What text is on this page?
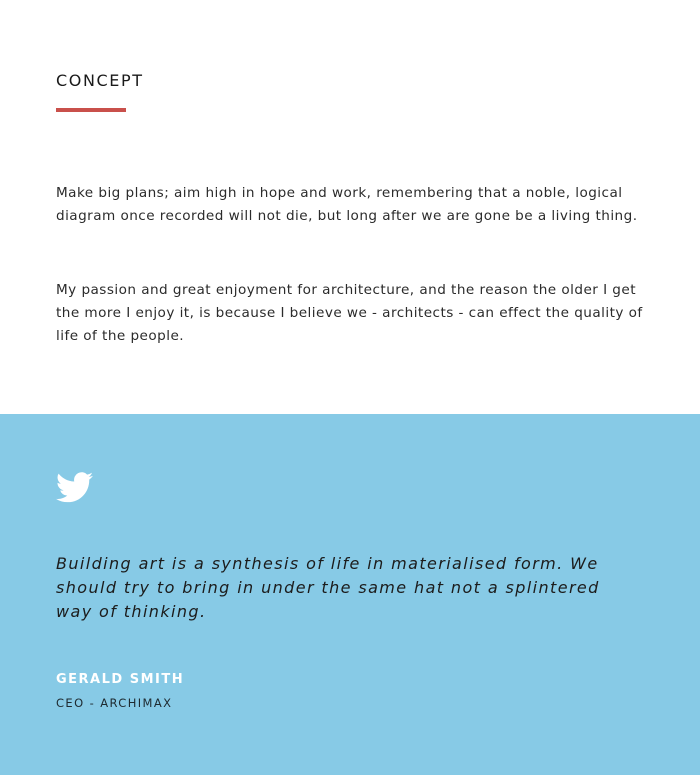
CONCEPT

Make big plans; aim high in hope and work, remembering that a noble, logical diagram once recorded will not die, but long after we are gone be a living thing.

My passion and great enjoyment for architecture, and the reason the older I get the more I enjoy it, is because I believe we - architects - can effect the quality of life of the people.

Building art is a synthesis of life in materialised form. We should try to bring in under the same hat not a splintered way of thinking.

GERALD SMITH
CEO - ARCHIMAX
